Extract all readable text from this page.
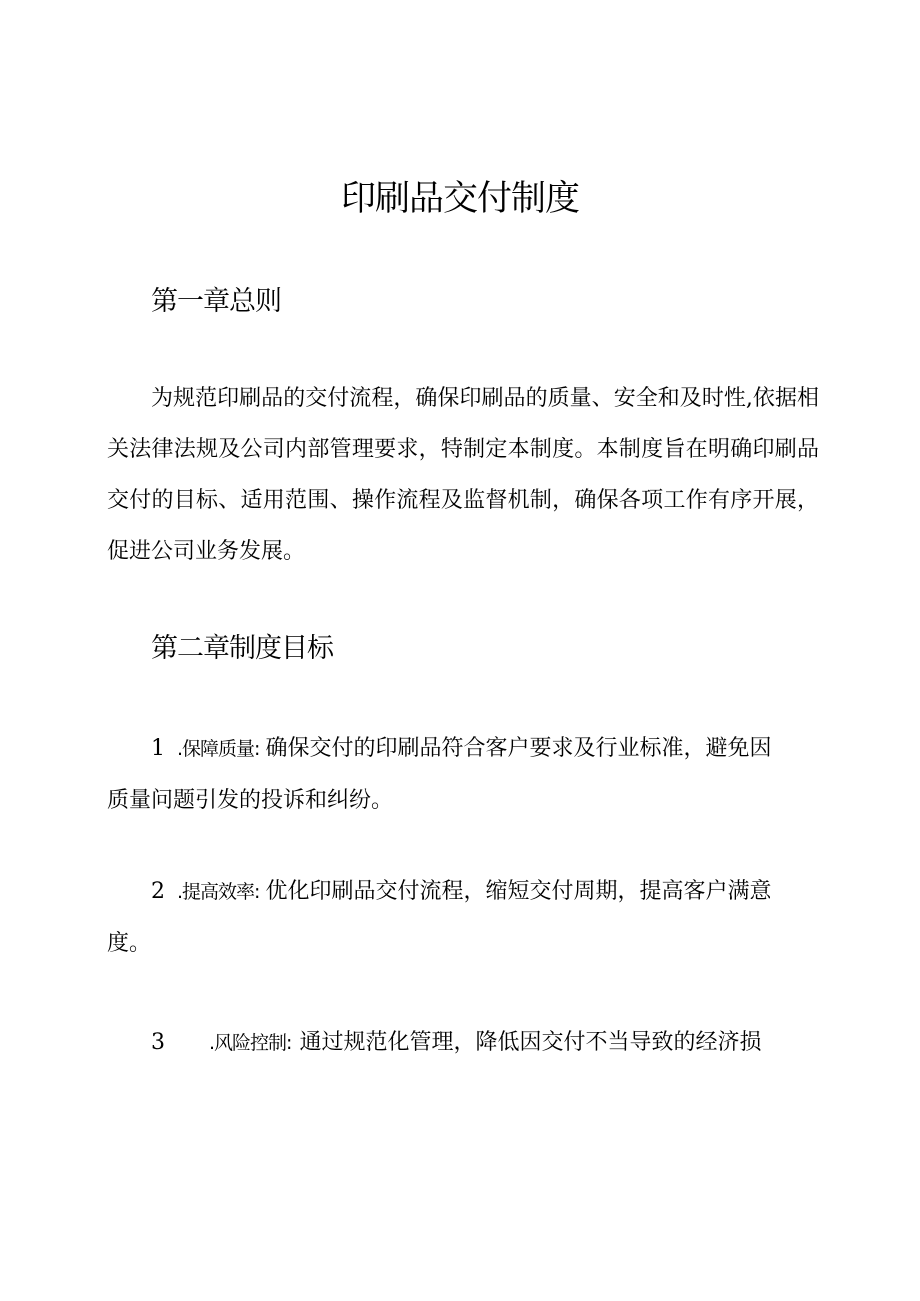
印刷品交付制度
第一章总则

为规范印刷品的交付流程，确保印刷品的质量、安全和及时性,依据相关法律法规及公司内部管理要求，特制定本制度。本制度旨在明确印刷品交付的目标、适用范围、操作流程及监督机制，确保各项工作有序开展，促进公司业务发展。

第二章制度目标
1 .保障质量: 确保交付的印刷品符合客户要求及行业标准，避免因
质量问题引发的投诉和纠纷。
2 .提高效率: 优化印刷品交付流程，缩短交付周期，提高客户满意
度。
3 .风险控制: 通过规范化管理，降低因交付不当导致的经济损
